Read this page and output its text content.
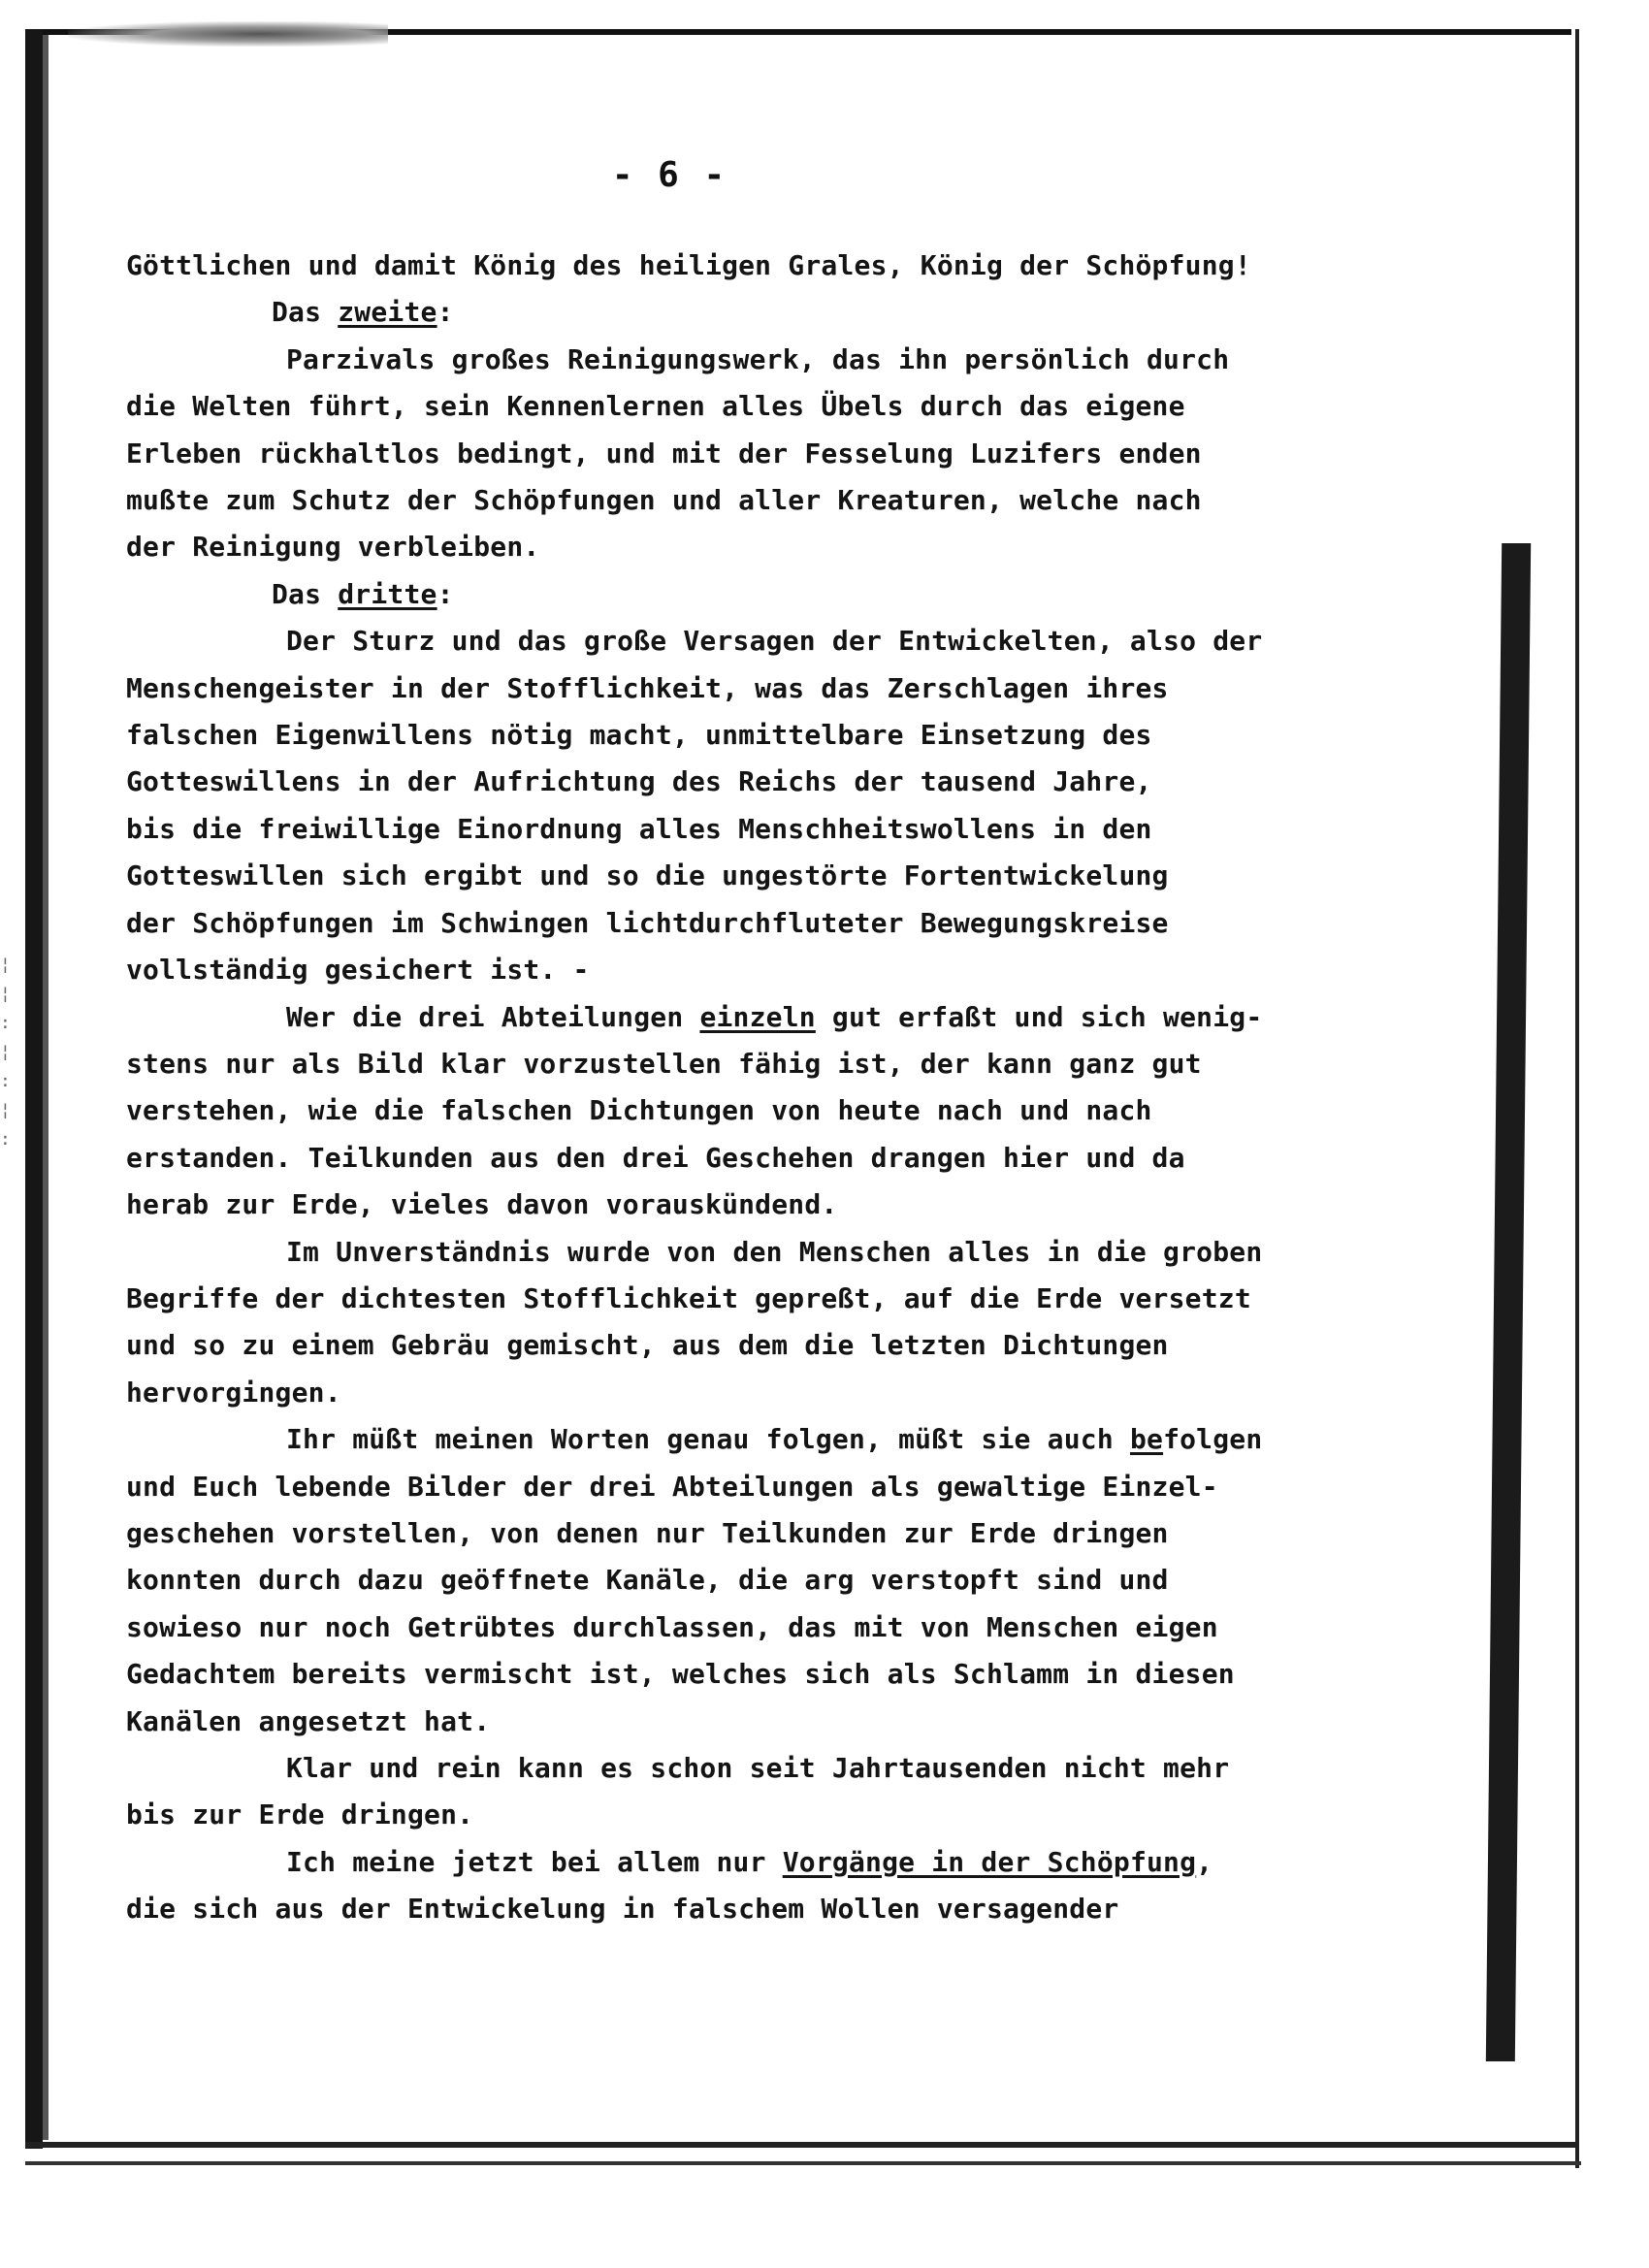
¦
¦
:
¦
:
¦
:
- 6 -
Göttlichen und damit König des heiligen Grales, König der Schöpfung!
Das zweite:
Parzivals großes Reinigungswerk, das ihn persönlich durch
die Welten führt, sein Kennenlernen alles Übels durch das eigene
Erleben rückhaltlos bedingt, und mit der Fesselung Luzifers enden
mußte zum Schutz der Schöpfungen und aller Kreaturen, welche nach
der Reinigung verbleiben.
Das dritte:
Der Sturz und das große Versagen der Entwickelten, also der
Menschengeister in der Stofflichkeit, was das Zerschlagen ihres
falschen Eigenwillens nötig macht, unmittelbare Einsetzung des
Gotteswillens in der Aufrichtung des Reichs der tausend Jahre,
bis die freiwillige Einordnung alles Menschheitswollens in den
Gotteswillen sich ergibt und so die ungestörte Fortentwickelung
der Schöpfungen im Schwingen lichtdurchfluteter Bewegungskreise
vollständig gesichert ist. -
Wer die drei Abteilungen einzeln gut erfaßt und sich wenig-
stens nur als Bild klar vorzustellen fähig ist, der kann ganz gut
verstehen, wie die falschen Dichtungen von heute nach und nach
erstanden. Teilkunden aus den drei Geschehen drangen hier und da
herab zur Erde, vieles davon vorauskündend.
Im Unverständnis wurde von den Menschen alles in die groben
Begriffe der dichtesten Stofflichkeit gepreßt, auf die Erde versetzt
und so zu einem Gebräu gemischt, aus dem die letzten Dichtungen
hervorgingen.
Ihr müßt meinen Worten genau folgen, müßt sie auch befolgen
und Euch lebende Bilder der drei Abteilungen als gewaltige Einzel-
geschehen vorstellen, von denen nur Teilkunden zur Erde dringen
konnten durch dazu geöffnete Kanäle, die arg verstopft sind und
sowieso nur noch Getrübtes durchlassen, das mit von Menschen eigen
Gedachtem bereits vermischt ist, welches sich als Schlamm in diesen
Kanälen angesetzt hat.
Klar und rein kann es schon seit Jahrtausenden nicht mehr
bis zur Erde dringen.
Ich meine jetzt bei allem nur Vorgänge in der Schöpfung,
die sich aus der Entwickelung in falschem Wollen versagender
